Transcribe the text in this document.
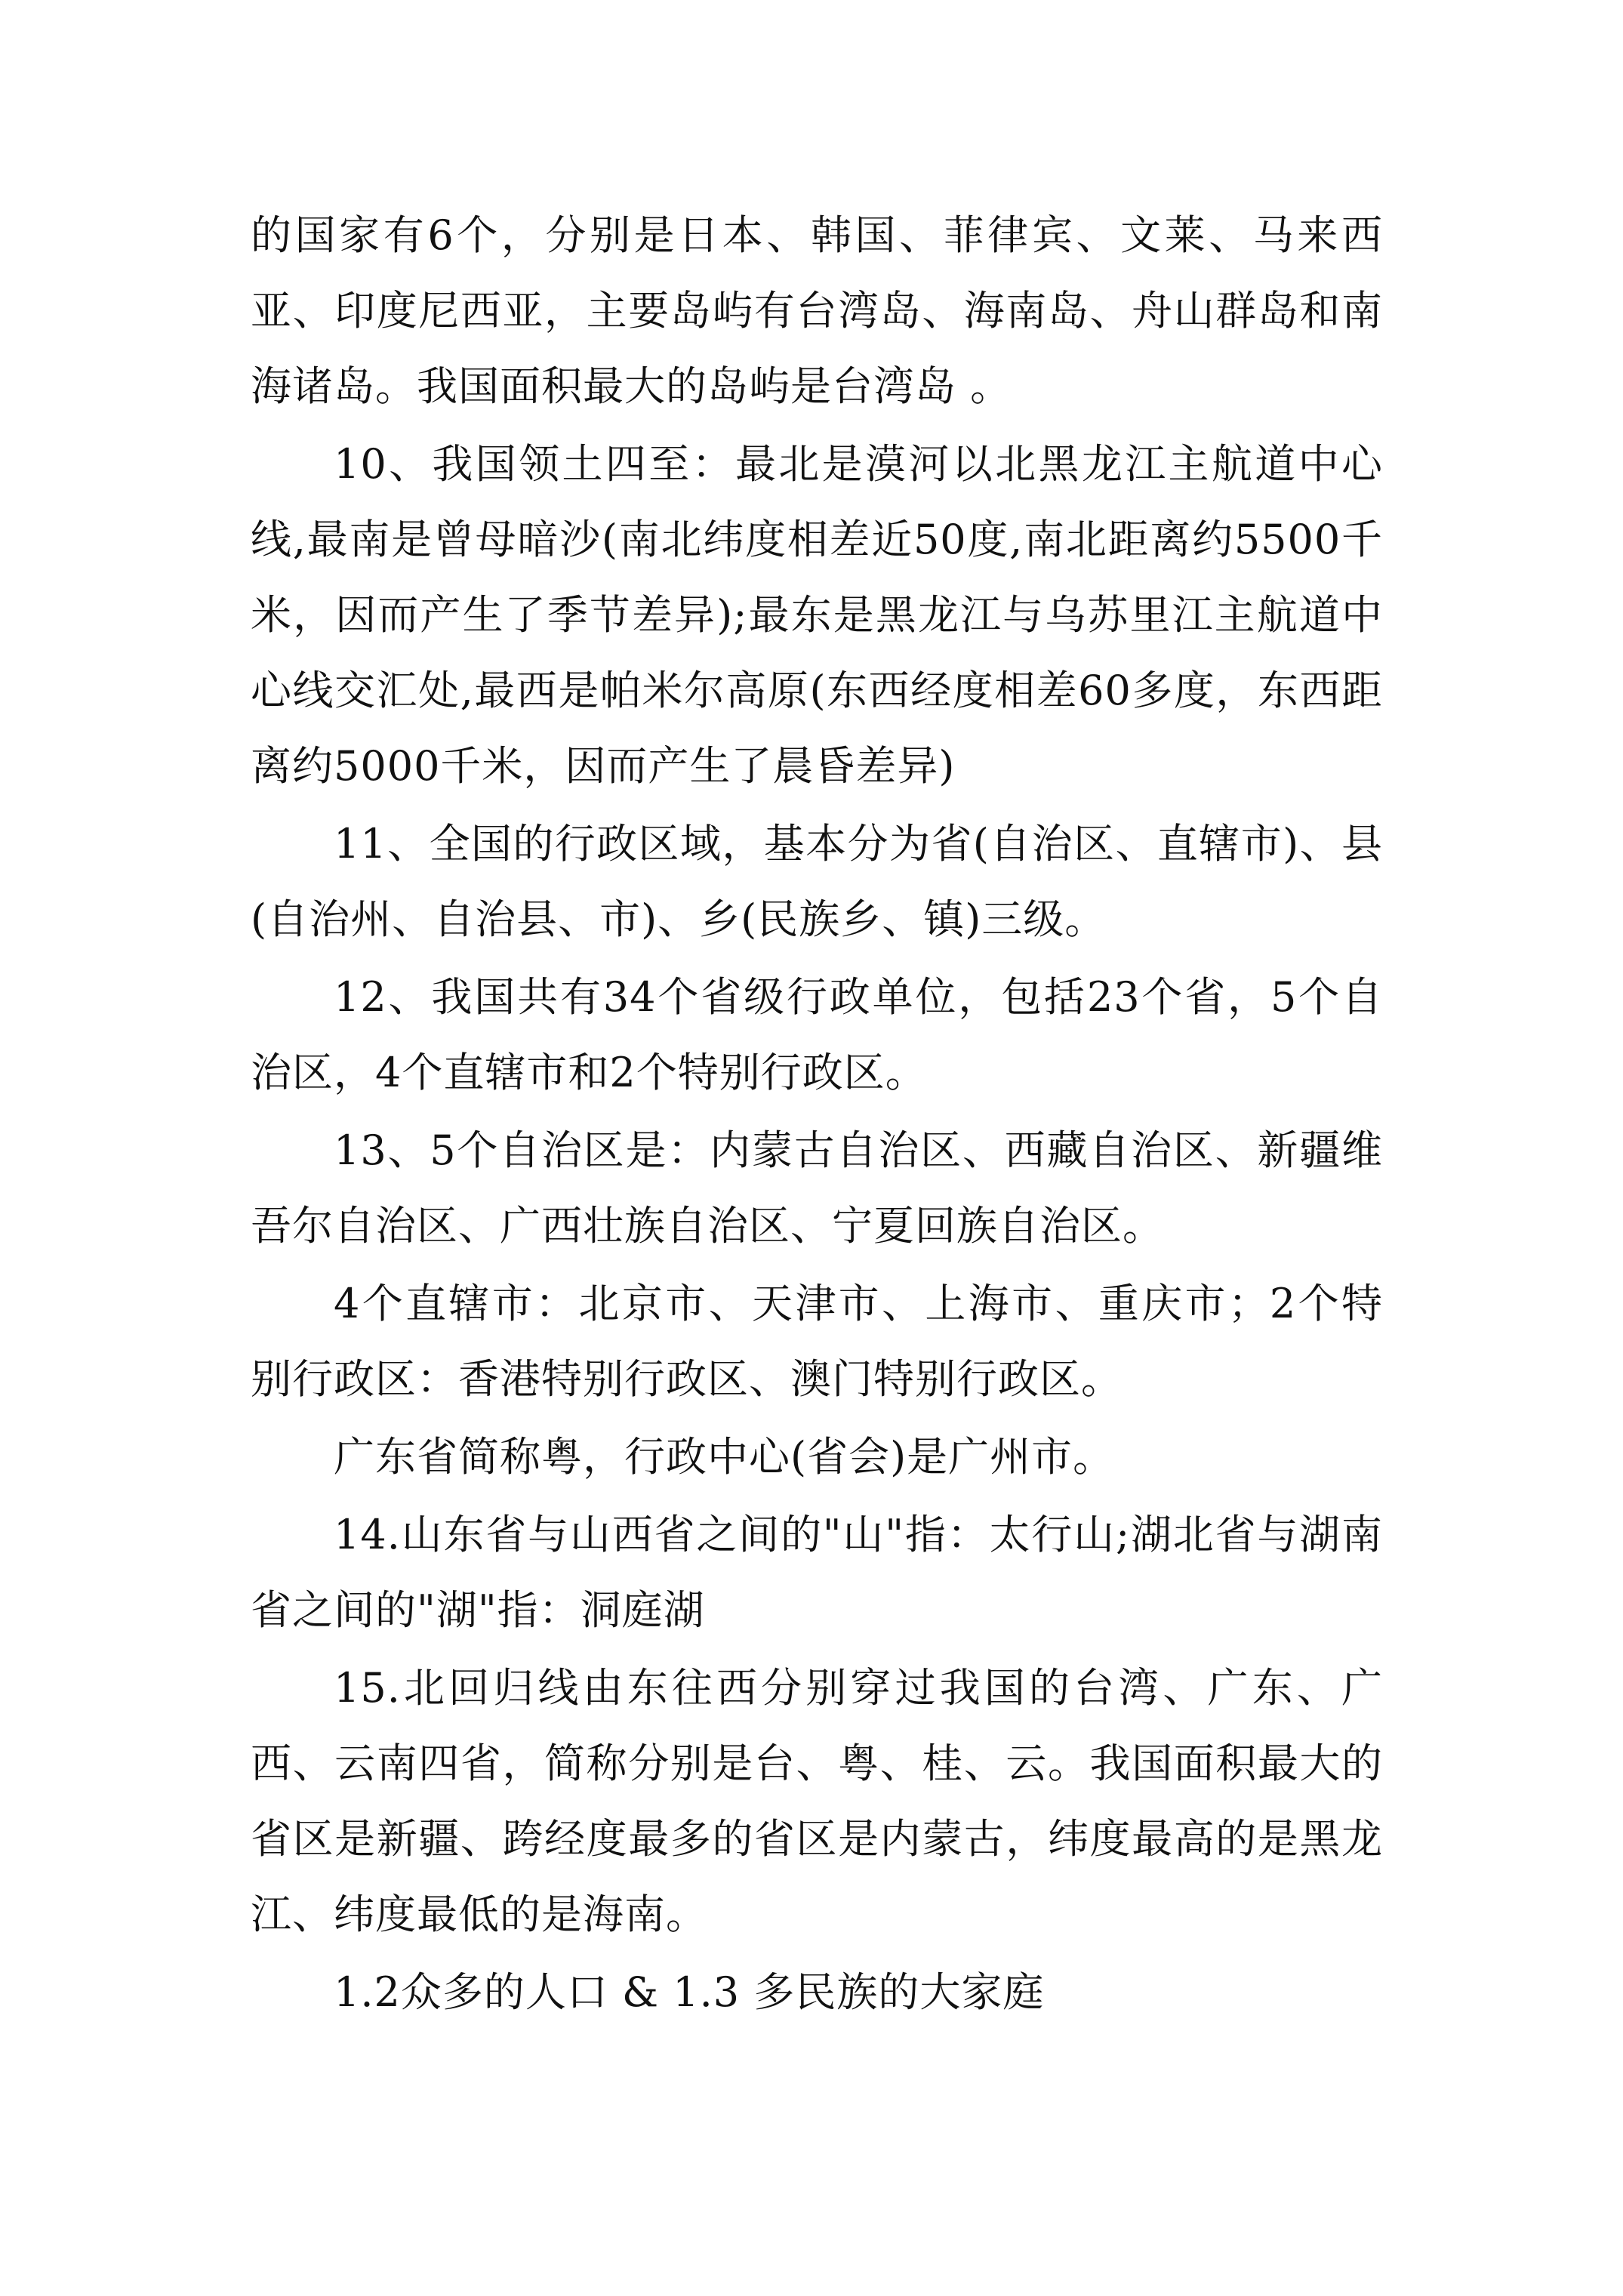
的国家有6个，分别是日本、韩国、菲律宾、文莱、马来西亚、印度尼西亚，主要岛屿有台湾岛、海南岛、舟山群岛和南海诸岛。我国面积最大的岛屿是台湾岛 。

10、我国领土四至：最北是漠河以北黑龙江主航道中心线,最南是曾母暗沙(南北纬度相差近50度,南北距离约5500千米，因而产生了季节差异);最东是黑龙江与乌苏里江主航道中心线交汇处,最西是帕米尔高原(东西经度相差60多度，东西距离约5000千米，因而产生了晨昏差异)

11、全国的行政区域，基本分为省(自治区、直辖市)、县(自治州、自治县、市)、乡(民族乡、镇)三级。

12、我国共有34个省级行政单位，包括23个省，5个自治区，4个直辖市和2个特别行政区。

13、5个自治区是：内蒙古自治区、西藏自治区、新疆维吾尔自治区、广西壮族自治区、宁夏回族自治区。

4个直辖市：北京市、天津市、上海市、重庆市；2个特别行政区：香港特别行政区、澳门特别行政区。

广东省简称粤，行政中心(省会)是广州市。

14.山东省与山西省之间的"山"指：太行山;湖北省与湖南省之间的"湖"指：洞庭湖

15.北回归线由东往西分别穿过我国的台湾、广东、广西、云南四省，简称分别是台、粤、桂、云。我国面积最大的省区是新疆、跨经度最多的省区是内蒙古，纬度最高的是黑龙江、纬度最低的是海南。

1.2众多的人口 & 1.3 多民族的大家庭
